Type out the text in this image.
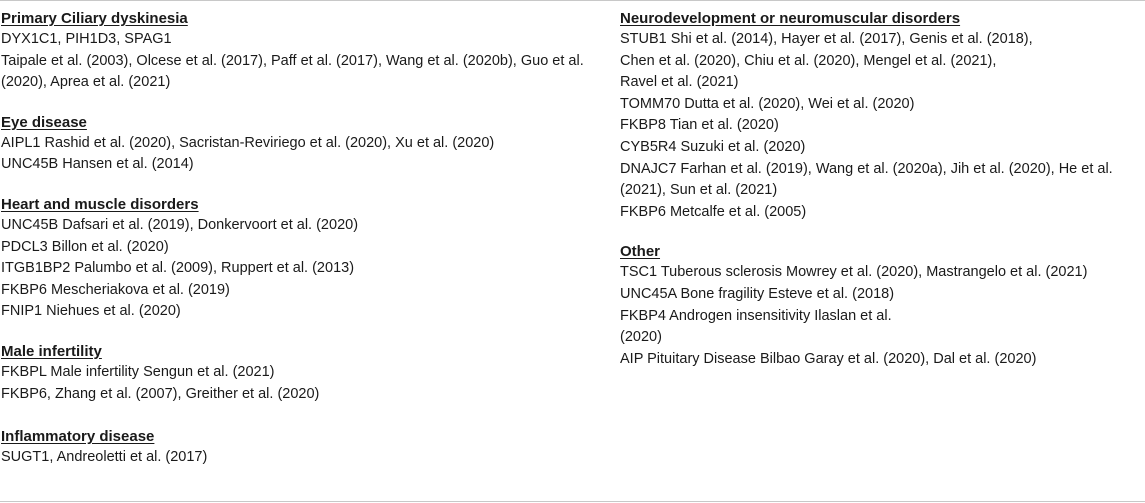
Primary Ciliary dyskinesia
DYX1C1, PIH1D3, SPAG1
Taipale et al. (2003), Olcese et al. (2017), Paff et al. (2017), Wang et al. (2020b), Guo et al.
(2020), Aprea et al. (2021)
Eye disease
AIPL1 Rashid et al. (2020), Sacristan-Reviriego et al. (2020), Xu et al. (2020)
UNC45B Hansen et al. (2014)
Heart and muscle disorders
UNC45B Dafsari et al. (2019), Donkervoort et al. (2020)
PDCL3 Billon et al. (2020)
ITGB1BP2 Palumbo et al. (2009), Ruppert et al. (2013)
FKBP6 Mescheriakova et al. (2019)
FNIP1 Niehues et al. (2020)
Male infertility
FKBPL Male infertility Sengun et al. (2021)
FKBP6, Zhang et al. (2007), Greither et al. (2020)
Inflammatory disease
SUGT1, Andreoletti et al. (2017)
Neurodevelopment or neuromuscular disorders
STUB1 Shi et al. (2014), Hayer et al. (2017), Genis et al. (2018),
Chen et al. (2020), Chiu et al. (2020), Mengel et al. (2021),
Ravel et al. (2021)
TOMM70 Dutta et al. (2020), Wei et al. (2020)
FKBP8 Tian et al. (2020)
CYB5R4 Suzuki et al. (2020)
DNAJC7 Farhan et al. (2019), Wang et al. (2020a), Jih et al. (2020), He et al.
(2021), Sun et al. (2021)
FKBP6 Metcalfe et al. (2005)
Other
TSC1 Tuberous sclerosis Mowrey et al. (2020), Mastrangelo et al. (2021)
UNC45A Bone fragility Esteve et al. (2018)
FKBP4 Androgen insensitivity Ilaslan et al.
(2020)
AIP Pituitary Disease Bilbao Garay et al. (2020), Dal et al. (2020)
